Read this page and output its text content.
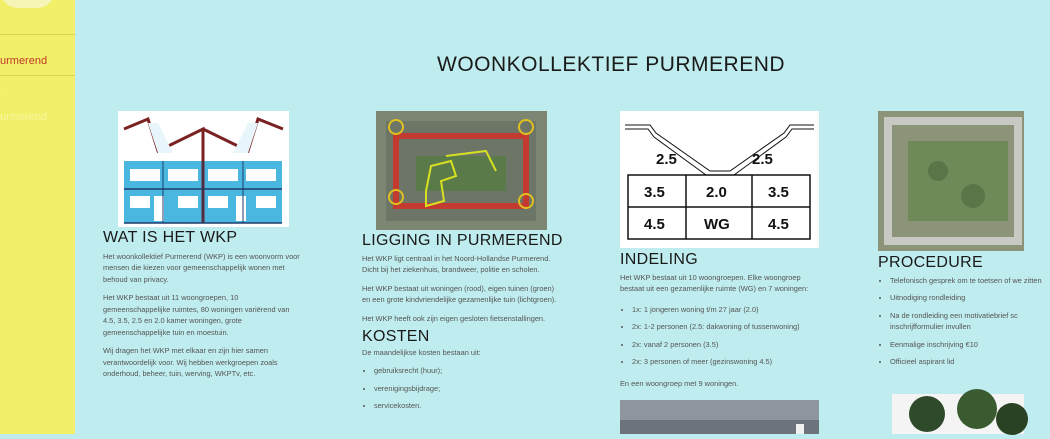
urmerend
.
urmerend
WOONKOLLEKTIEF PURMEREND
2.5	2.5
3.5	2.0	3.5
4.5	WG	4.5
WAT IS HET WKP

Het woonkollektief Purmerend (WKP) is een woonvorm voor mensen die kiezen voor gemeenschappelijk wonen met behoud van privacy.

Het WKP bestaat uit 11 woongroepen, 10 gemeenschappelijke ruimtes, 80 woningen variërend van 4.5, 3.5, 2.5 en 2.0 kamer woningen, grote gemeenschappelijke tuin en moestuin.

Wij dragen het WKP met elkaar en zijn hier samen verantwoordelijk voor. Wij hebben werkgroepen zoals onderhoud, beheer, tuin, werving, WKPTv, etc.

LIGGING IN PURMEREND

Het WKP ligt centraal in het Noord-Hollandse Purmerend. Dicht bij het ziekenhuis, brandweer, politie en scholen.

Het WKP bestaat uit woningen (rood), eigen tuinen (groen) en een grote kindvriendelijke gezamenlijke tuin (lichtgroen).

Het WKP heeft ook zijn eigen gesloten fietsenstallingen.

KOSTEN

De maandelijkse kosten bestaan uit:

• gebruiksrecht (huur);
• verenigingsbijdrage;
• servicekosten.
INDELING

Het WKP bestaat uit 10 woongroepen. Elke woongroep bestaat uit een gezamenlijke ruimte (WG) en 7 woningen:

• 1x: 1 jongeren woning t/m 27 jaar (2.0)
• 2x: 1-2 personen (2.5: dakwoning of tussenwoning)
• 2x: vanaf 2 personen (3.5)
• 2x: 3 personen of meer (gezinswoning 4.5)

En een woongroep met 9 woningen.

PROCEDURE
• Telefonisch gesprek om te toetsen of we zitten
• Uitnodiging rondleiding
• Na de rondleiding een motivatiebrief sc inschrijfformulier invullen
• Eenmalige inschrijving €10
• Officieel aspirant lid
